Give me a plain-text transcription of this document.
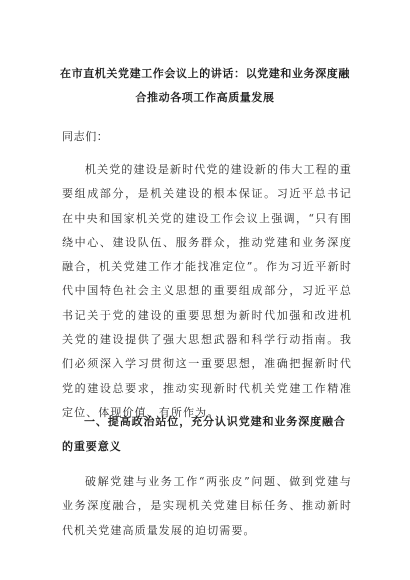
在市直机关党建工作会议上的讲话：以党建和业务深度融
合推动各项工作高质量发展
同志们：
机关党的建设是新时代党的建设新的伟大工程的重要组成部分，是机关建设的根本保证。习近平总书记在中央和国家机关党的建设工作会议上强调，“只有围绕中心、建设队伍、服务群众，推动党建和业务深度融合，机关党建工作才能找准定位”。作为习近平新时代中国特色社会主义思想的重要组成部分，习近平总书记关于党的建设的重要思想为新时代加强和改进机关党的建设提供了强大思想武器和科学行动指南。我们必须深入学习贯彻这一重要思想，准确把握新时代党的建设总要求，推动实现新时代机关党建工作精准定位、体现价值、有所作为。
一、提高政治站位，充分认识党建和业务深度融合的重要意义
破解党建与业务工作“两张皮”问题、做到党建与业务深度融合，是实现机关党建目标任务、推动新时代机关党建高质量发展的迫切需要。
